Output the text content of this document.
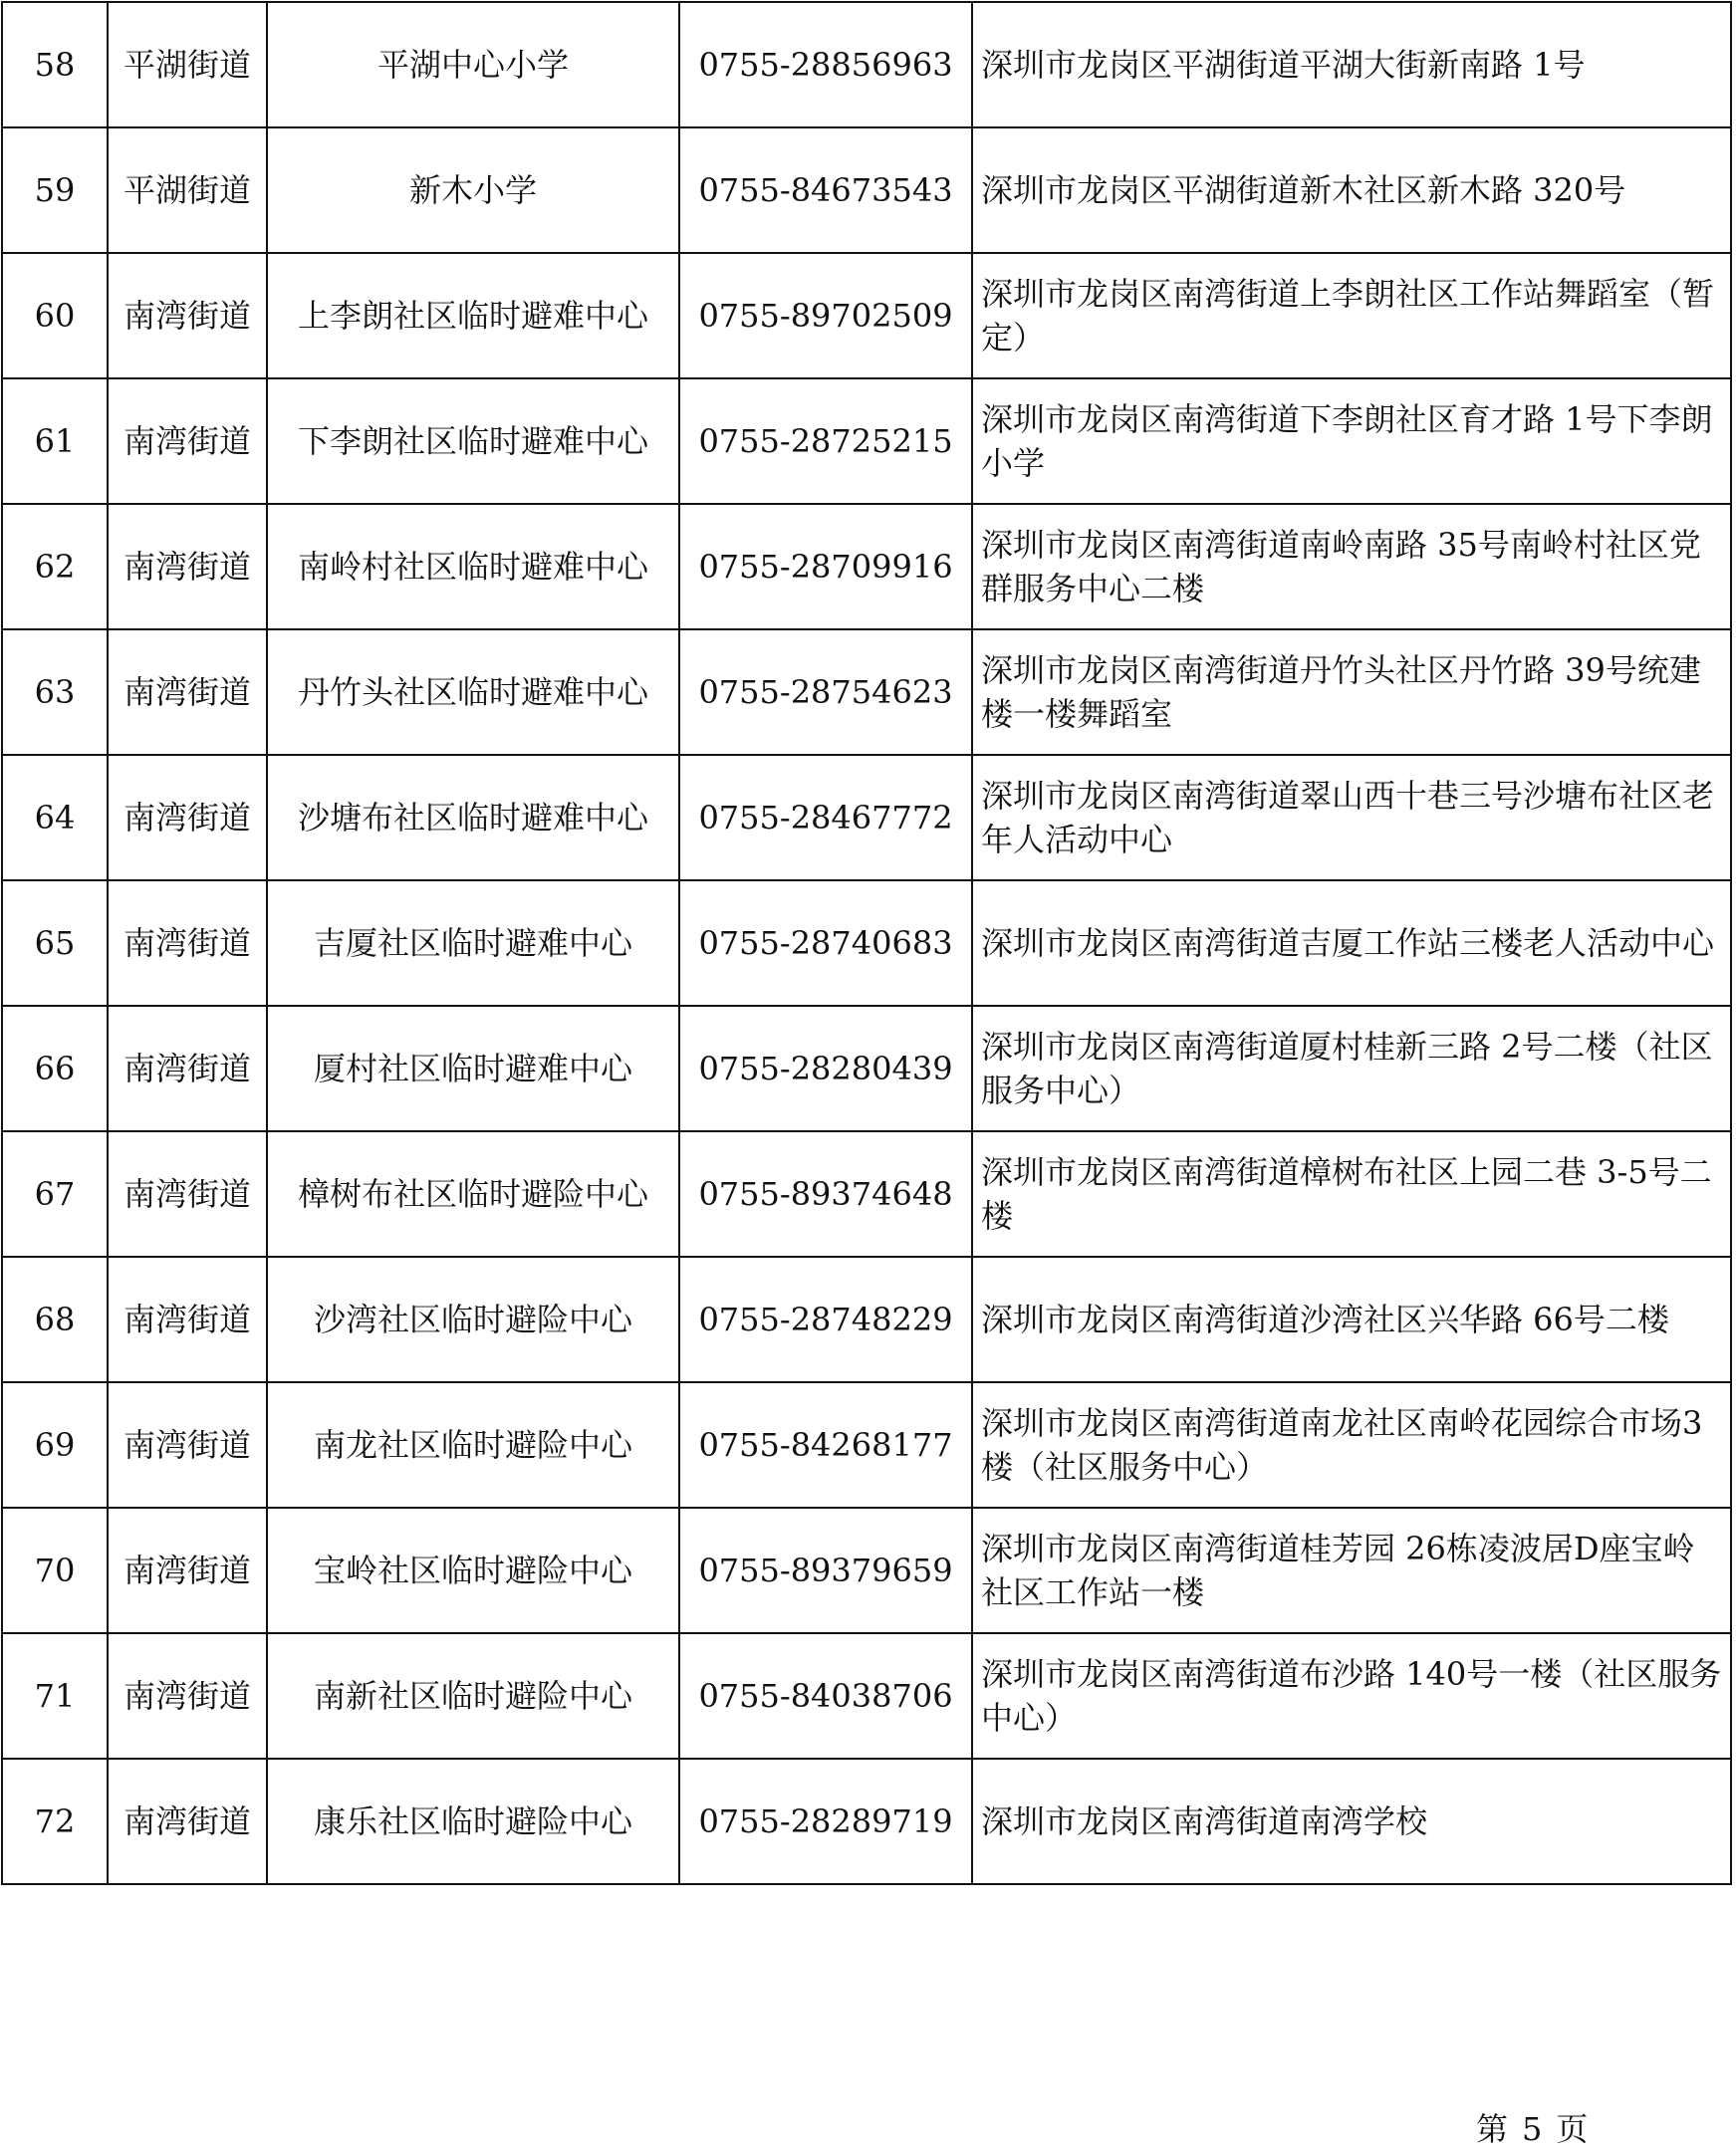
58	平湖街道	平湖中心小学	0755-28856963	深圳市龙岗区平湖街道平湖大街新南路 1号
59	平湖街道	新木小学	0755-84673543	深圳市龙岗区平湖街道新木社区新木路 320号
60	南湾街道	上李朗社区临时避难中心	0755-89702509	深圳市龙岗区南湾街道上李朗社区工作站舞蹈室（暂定）
61	南湾街道	下李朗社区临时避难中心	0755-28725215	深圳市龙岗区南湾街道下李朗社区育才路 1号下李朗小学
62	南湾街道	南岭村社区临时避难中心	0755-28709916	深圳市龙岗区南湾街道南岭南路 35号南岭村社区党群服务中心二楼
63	南湾街道	丹竹头社区临时避难中心	0755-28754623	深圳市龙岗区南湾街道丹竹头社区丹竹路 39号统建楼一楼舞蹈室
64	南湾街道	沙塘布社区临时避难中心	0755-28467772	深圳市龙岗区南湾街道翠山西十巷三号沙塘布社区老年人活动中心
65	南湾街道	吉厦社区临时避难中心	0755-28740683	深圳市龙岗区南湾街道吉厦工作站三楼老人活动中心
66	南湾街道	厦村社区临时避难中心	0755-28280439	深圳市龙岗区南湾街道厦村桂新三路 2号二楼（社区服务中心）
67	南湾街道	樟树布社区临时避险中心	0755-89374648	深圳市龙岗区南湾街道樟树布社区上园二巷 3-5号二楼
68	南湾街道	沙湾社区临时避险中心	0755-28748229	深圳市龙岗区南湾街道沙湾社区兴华路 66号二楼
69	南湾街道	南龙社区临时避险中心	0755-84268177	深圳市龙岗区南湾街道南龙社区南岭花园综合市场3楼（社区服务中心）
70	南湾街道	宝岭社区临时避险中心	0755-89379659	深圳市龙岗区南湾街道桂芳园 26栋凌波居D座宝岭社区工作站一楼
71	南湾街道	南新社区临时避险中心	0755-84038706	深圳市龙岗区南湾街道布沙路 140号一楼（社区服务中心）
72	南湾街道	康乐社区临时避险中心	0755-28289719	深圳市龙岗区南湾街道南湾学校
第 5 页
